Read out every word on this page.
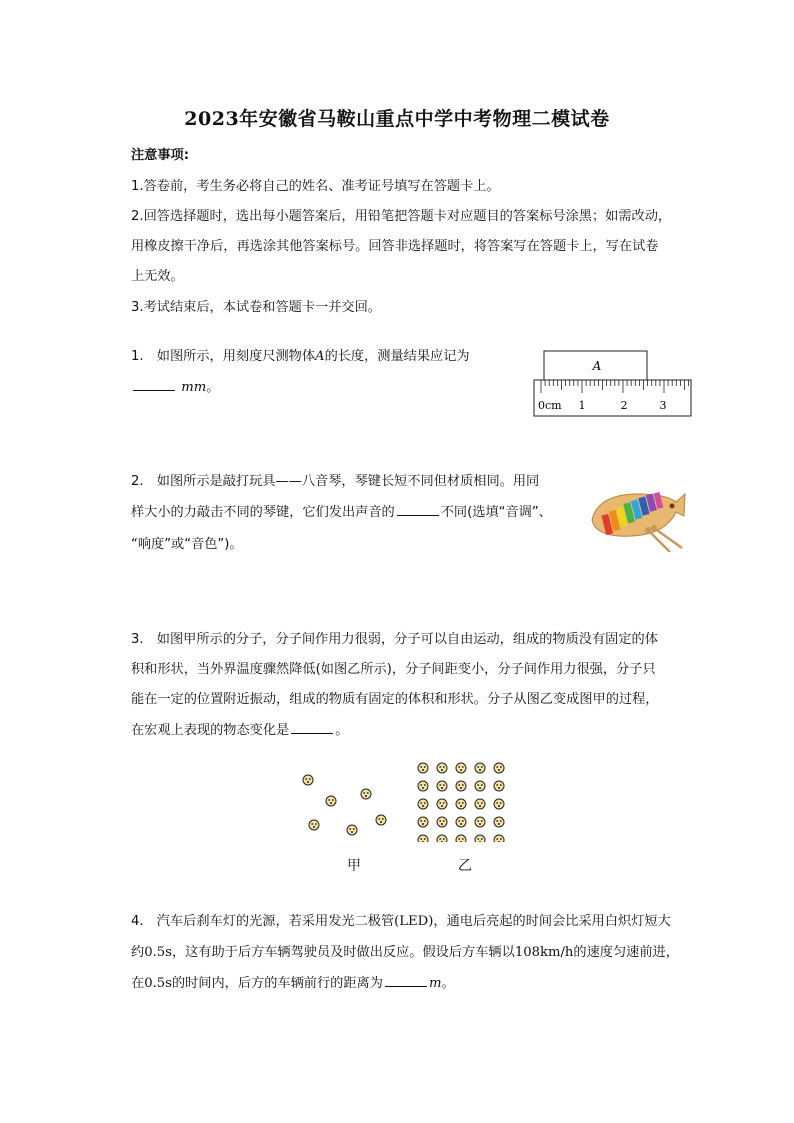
2023年安徽省马鞍山重点中学中考物理二模试卷
注意事项:
1.答卷前，考生务必将自己的姓名、准考证号填写在答题卡上。
2.回答选择题时，选出每小题答案后，用铅笔把答题卡对应题目的答案标号涂黑；如需改动，
用橡皮擦干净后，再选涂其他答案标号。回答非选择题时，将答案写在答题卡上，写在试卷
上无效。
3.考试结束后，本试卷和答题卡一并交回。
1.　如图所示，用刻度尺测物体A的长度，测量结果应记为
mm。
A
0cm 1	2	3
2.　如图所示是敲打玩具——八音琴，琴键长短不同但材质相同。用同
样大小的力敲击不同的琴键，它们发出声音的	不同(选填“音调”、
“响度”或“音色”)。
3.　如图甲所示的分子，分子间作用力很弱，分子可以自由运动，组成的物质没有固定的体
积和形状，当外界温度骤然降低(如图乙所示)，分子间距变小，分子间作用力很强，分子只
能在一定的位置附近振动，组成的物质有固定的体积和形状。分子从图乙变成图甲的过程，
在宏观上表现的物态变化是	。
甲	乙
4.　汽车后刹车灯的光源，若采用发光二极管(LED)，通电后亮起的时间会比采用白炽灯短大
约0.5s，这有助于后方车辆驾驶员及时做出反应。假设后方车辆以108km/h的速度匀速前进，
在0.5s的时间内，后方的车辆前行的距离为	m。
